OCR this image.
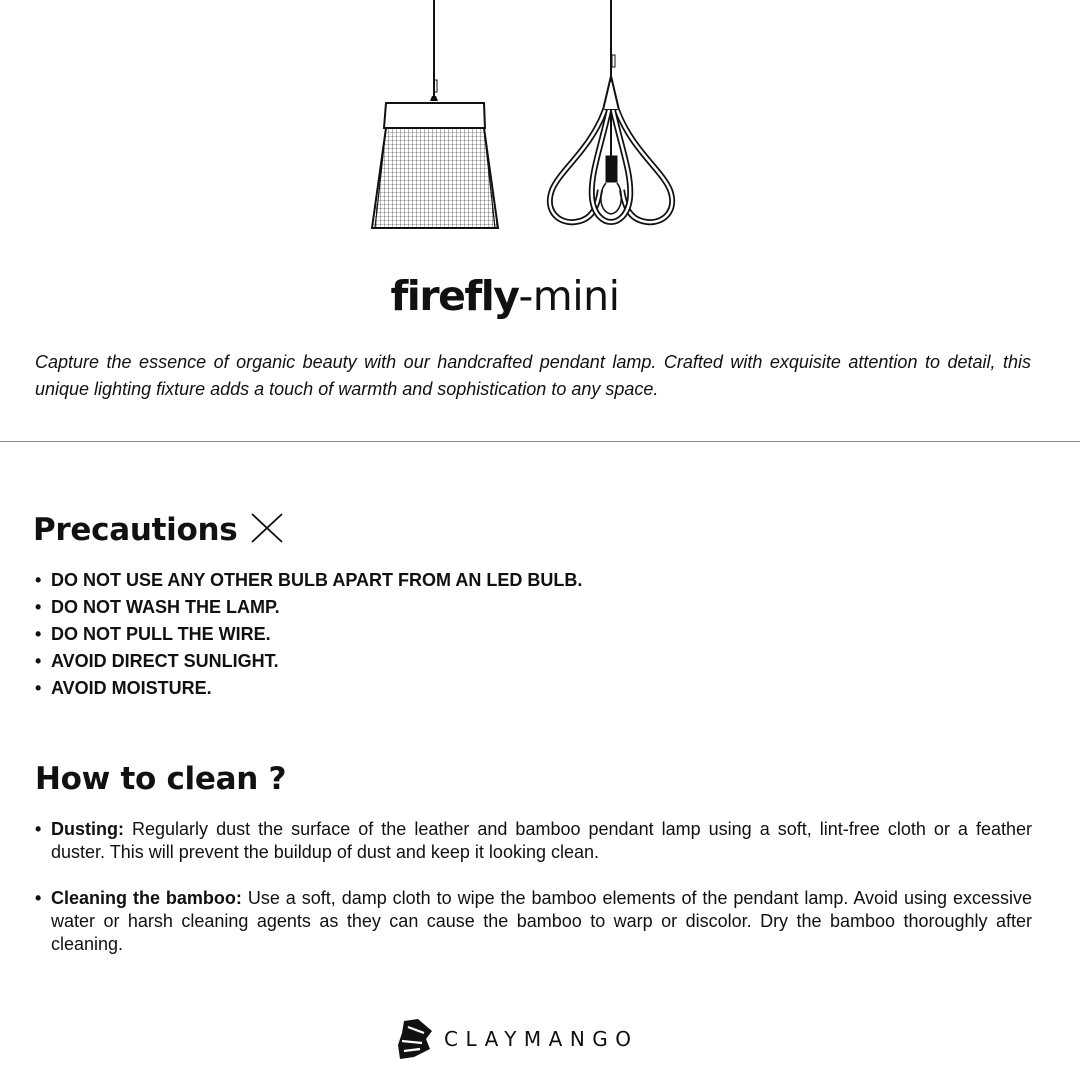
firefly-mini

Capture the essence of organic beauty with our handcrafted pendant lamp. Crafted with exquisite attention to detail, this unique lighting fixture adds a touch of warmth and sophistication to any space.

Precautions
• DO NOT USE ANY OTHER BULB APART FROM AN LED BULB.
• DO NOT WASH THE LAMP.
• DO NOT PULL THE WIRE.
• AVOID DIRECT SUNLIGHT.
• AVOID MOISTURE.
How to clean ?
• Dusting: Regularly dust the surface of the leather and bamboo pendant lamp using a soft, lint-free cloth or a feather duster. This will prevent the buildup of dust and keep it looking clean.
• Cleaning the bamboo: Use a soft, damp cloth to wipe the bamboo elements of the pendant lamp. Avoid using excessive water or harsh cleaning agents as they can cause the bamboo to warp or discolor. Dry the bamboo thoroughly after cleaning.
CLAYMANGO
